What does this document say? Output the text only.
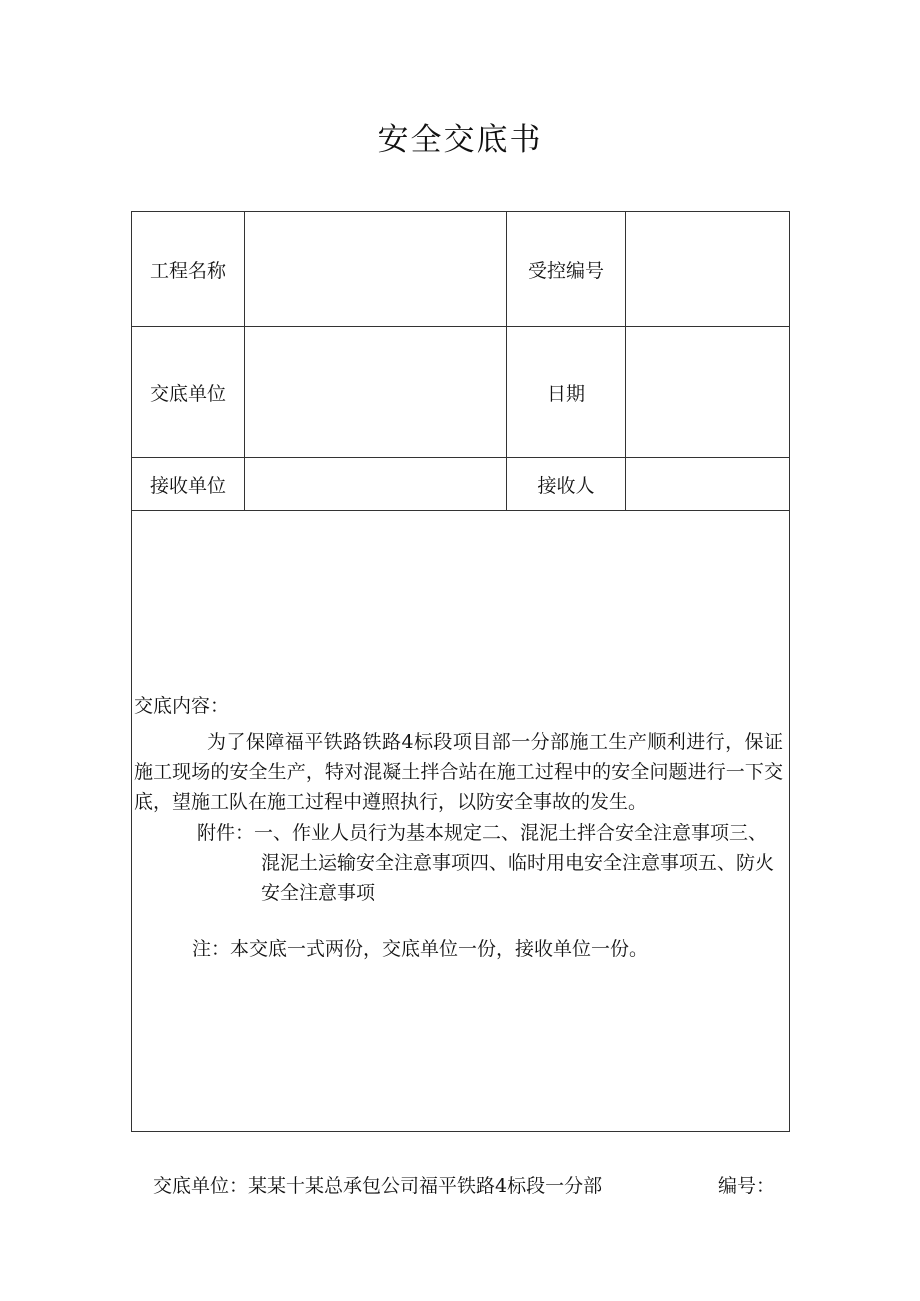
安全交底书
工程名称		受控编号	
交底单位		日期	
接收单位		接收人	

交底内容：
为了保障福平铁路铁路4标段项目部一分部施工生产顺利进行，保证施工现场的安全生产，特对混凝土拌合站在施工过程中的安全问题进行一下交底，望施工队在施工过程中遵照执行，以防安全事故的发生。
附件：一、作业人员行为基本规定二、混泥土拌合安全注意事项三、混泥土运输安全注意事项四、临时用电安全注意事项五、防火安全注意事项
注：本交底一式两份，交底单位一份，接收单位一份。			
交底单位：某某十某总承包公司福平铁路4标段一分部	编号：
